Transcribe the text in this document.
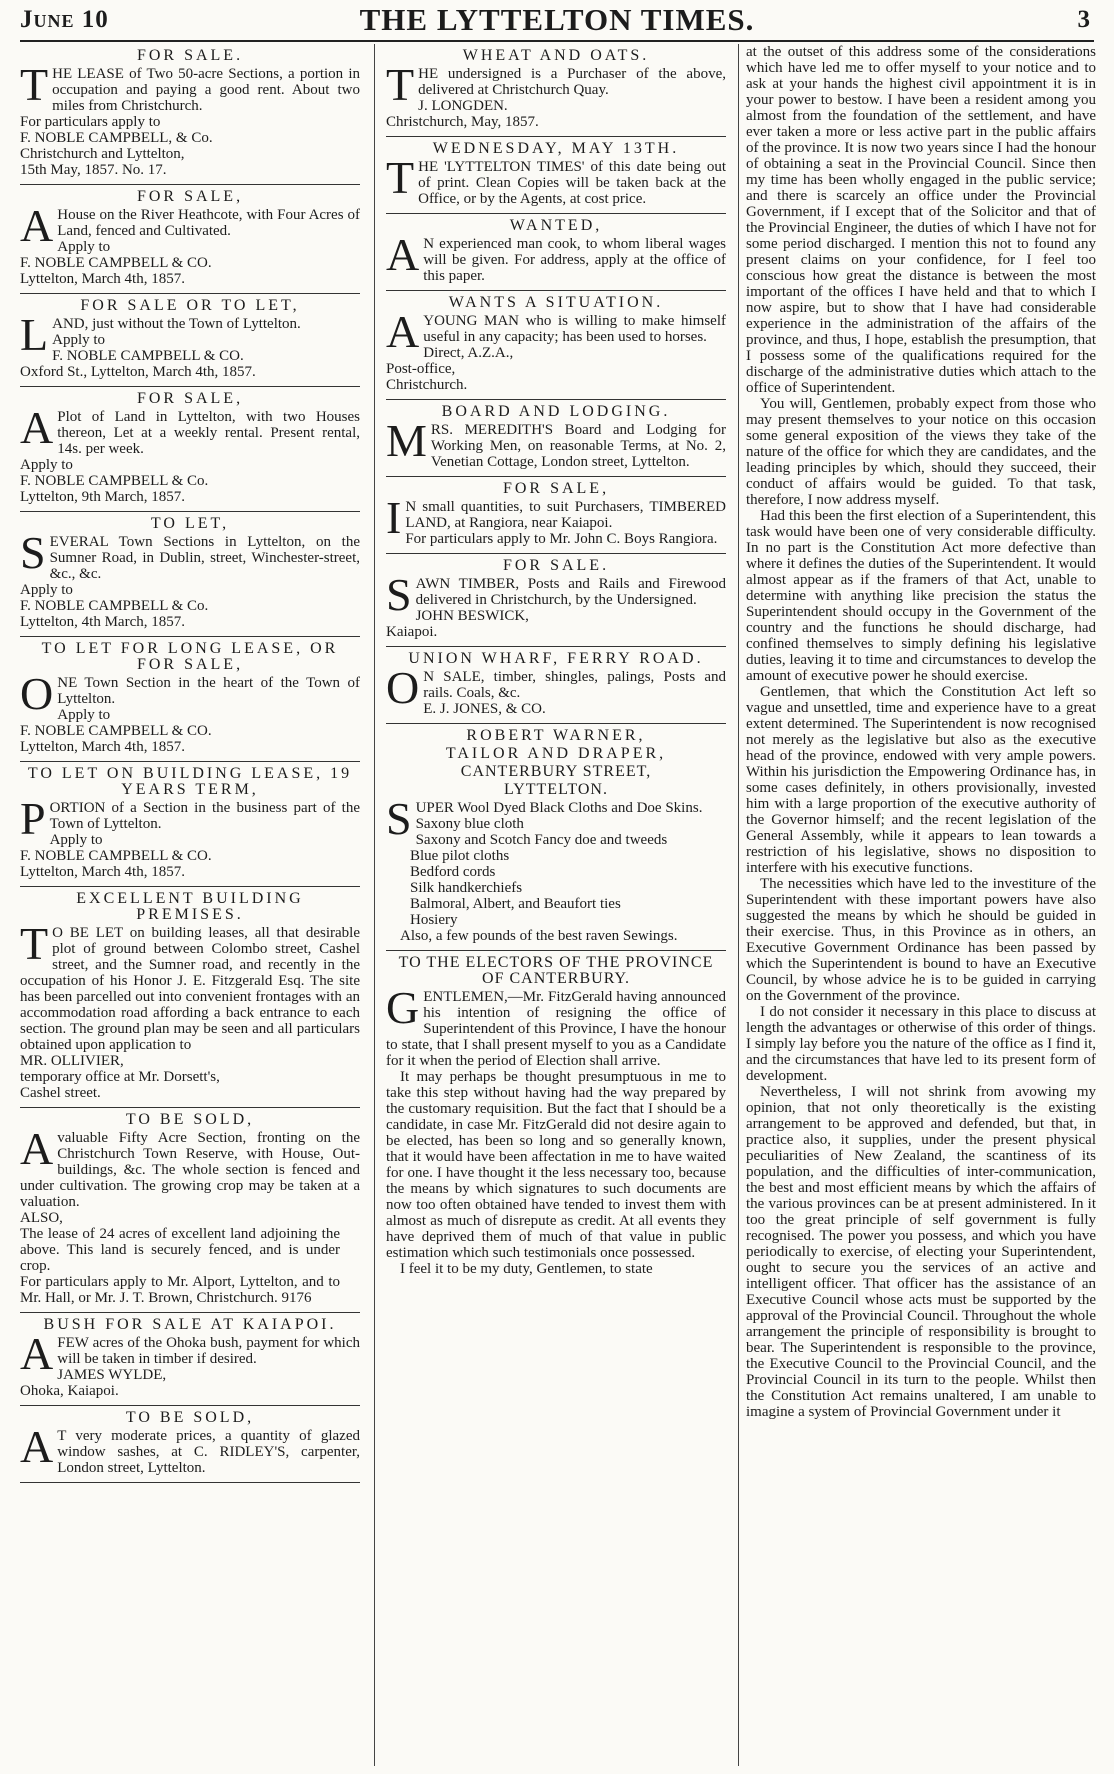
June 10	THE LYTTELTON TIMES.	3
FOR SALE.

THE LEASE of Two 50-acre Sections, a portion in occupation and paying a good rent. About two miles from Christchurch.

For particulars apply to

F. NOBLE CAMPBELL, & Co.

Christchurch and Lyttelton,

15th May, 1857. No. 17.

FOR SALE,

A House on the River Heathcote, with Four Acres of Land, fenced and Cultivated.

Apply to

F. NOBLE CAMPBELL & CO.

Lyttelton, March 4th, 1857.

FOR SALE OR TO LET,

LAND, just without the Town of Lyttelton.

Apply to

F. NOBLE CAMPBELL & CO.

Oxford St., Lyttelton, March 4th, 1857.

FOR SALE,

A Plot of Land in Lyttelton, with two Houses thereon, Let at a weekly rental. Present rental, 14s. per week.

Apply to

F. NOBLE CAMPBELL & Co.

Lyttelton, 9th March, 1857.

TO LET,

SEVERAL Town Sections in Lyttelton, on the Sumner Road, in Dublin, street, Winchester-street, &c., &c.

Apply to

F. NOBLE CAMPBELL & Co.

Lyttelton, 4th March, 1857.

TO LET FOR LONG LEASE, OR FOR SALE,

ONE Town Section in the heart of the Town of Lyttelton.

Apply to

F. NOBLE CAMPBELL & CO.

Lyttelton, March 4th, 1857.

TO LET ON BUILDING LEASE, 19 YEARS TERM,

PORTION of a Section in the business part of the Town of Lyttelton.

Apply to

F. NOBLE CAMPBELL & CO.

Lyttelton, March 4th, 1857.

EXCELLENT BUILDING PREMISES.

T O BE LET on building leases, all that desirable plot of ground between Colombo street, Cashel street, and the Sumner road, and recently in the occupation of his Honor J. E. Fitzgerald Esq. The site has been parcelled out into convenient frontages with an accommodation road affording a back entrance to each section. The ground plan may be seen and all particulars obtained upon application to

MR. OLLIVIER,

temporary office at Mr. Dorsett's,

Cashel street.

TO BE SOLD,

Avaluable Fifty Acre Section, fronting on the Christchurch Town Reserve, with House, Out-buildings, &c. The whole section is fenced and under cultivation. The growing crop may be taken at a valuation.

ALSO,

The lease of 24 acres of excellent land adjoining the above. This land is securely fenced, and is under crop.

For particulars apply to Mr. Alport, Lyttelton, and to Mr. Hall, or Mr. J. T. Brown, Christchurch. 9176

BUSH FOR SALE AT KAIAPOI.

AFEW acres of the Ohoka bush, payment for which will be taken in timber if desired.

JAMES WYLDE,

Ohoka, Kaiapoi.

TO BE SOLD,

A T very moderate prices, a quantity of glazed window sashes, at C. RIDLEY'S, carpenter, London street, Lyttelton.

WHEAT AND OATS.

THE undersigned is a Purchaser of the above, delivered at Christchurch Quay.

J. LONGDEN.

Christchurch, May, 1857.

WEDNESDAY, MAY 13TH.

THE 'LYTTELTON TIMES' of this date being out of print. Clean Copies will be taken back at the Office, or by the Agents, at cost price.

WANTED,

A N experienced man cook, to whom liberal wages will be given. For address, apply at the office of this paper.

WANTS A SITUATION.

AYOUNG MAN who is willing to make himself useful in any capacity; has been used to horses.

Direct, A.Z.A.,

Post-office,

Christchurch.

BOARD AND LODGING.

MRS. MEREDITH'S Board and Lodging for Working Men, on reasonable Terms, at No. 2, Venetian Cottage, London street, Lyttelton.

FOR SALE,

I N small quantities, to suit Purchasers, TIMBERED LAND, at Rangiora, near Kaiapoi.

For particulars apply to Mr. John C. Boys Rangiora.

FOR SALE.

SAWN TIMBER, Posts and Rails and Firewood delivered in Christchurch, by the Undersigned.

JOHN BESWICK,

Kaiapoi.

UNION WHARF, FERRY ROAD.

O N SALE, timber, shingles, palings, Posts and rails. Coals, &c.

E. J. JONES, & CO.

ROBERT WARNER,
TAILOR AND DRAPER,
CANTERBURY STREET,
LYTTELTON.

SUPER Wool Dyed Black Cloths and Doe Skins.

Saxony blue cloth
Saxony and Scotch Fancy doe and tweeds
Blue pilot cloths
Bedford cords
Silk handkerchiefs
Balmoral, Albert, and Beaufort ties
Hosiery

Also, a few pounds of the best raven Sewings.

TO THE ELECTORS OF THE PROVINCE OF CANTERBURY.

GENTLEMEN,—Mr. FitzGerald having announced his intention of resigning the office of Superintendent of this Province, I have the honour to state, that I shall present myself to you as a Candidate for it when the period of Election shall arrive.

It may perhaps be thought presumptuous in me to take this step without having had the way prepared by the customary requisition. But the fact that I should be a candidate, in case Mr. FitzGerald did not desire again to be elected, has been so long and so generally known, that it would have been affectation in me to have waited for one. I have thought it the less necessary too, because the means by which signatures to such documents are now too often obtained have tended to invest them with almost as much of disrepute as credit. At all events they have deprived them of much of that value in public estimation which such testimonials once possessed.

I feel it to be my duty, Gentlemen, to state

at the outset of this address some of the considerations which have led me to offer myself to your notice and to ask at your hands the highest civil appointment it is in your power to bestow. I have been a resident among you almost from the foundation of the settlement, and have ever taken a more or less active part in the public affairs of the province. It is now two years since I had the honour of obtaining a seat in the Provincial Council. Since then my time has been wholly engaged in the public service; and there is scarcely an office under the Provincial Government, if I except that of the Solicitor and that of the Provincial Engineer, the duties of which I have not for some period discharged. I mention this not to found any present claims on your confidence, for I feel too conscious how great the distance is between the most important of the offices I have held and that to which I now aspire, but to show that I have had considerable experience in the administration of the affairs of the province, and thus, I hope, establish the presumption, that I possess some of the qualifications required for the discharge of the administrative duties which attach to the office of Superintendent.

You will, Gentlemen, probably expect from those who may present themselves to your notice on this occasion some general exposition of the views they take of the nature of the office for which they are candidates, and the leading principles by which, should they succeed, their conduct of affairs would be guided. To that task, therefore, I now address myself.

Had this been the first election of a Superintendent, this task would have been one of very considerable difficulty. In no part is the Constitution Act more defective than where it defines the duties of the Superintendent. It would almost appear as if the framers of that Act, unable to determine with anything like precision the status the Superintendent should occupy in the Government of the country and the functions he should discharge, had confined themselves to simply defining his legislative duties, leaving it to time and circumstances to develop the amount of executive power he should exercise.

Gentlemen, that which the Constitution Act left so vague and unsettled, time and experience have to a great extent determined. The Superintendent is now recognised not merely as the legislative but also as the executive head of the province, endowed with very ample powers. Within his jurisdiction the Empowering Ordinance has, in some cases definitely, in others provisionally, invested him with a large proportion of the executive authority of the Governor himself; and the recent legislation of the General Assembly, while it appears to lean towards a restriction of his legislative, shows no disposition to interfere with his executive functions.

The necessities which have led to the investiture of the Superintendent with these important powers have also suggested the means by which he should be guided in their exercise. Thus, in this Province as in others, an Executive Government Ordinance has been passed by which the Superintendent is bound to have an Executive Council, by whose advice he is to be guided in carrying on the Government of the province.

I do not consider it necessary in this place to discuss at length the advantages or otherwise of this order of things. I simply lay before you the nature of the office as I find it, and the circumstances that have led to its present form of development.

Nevertheless, I will not shrink from avowing my opinion, that not only theoretically is the existing arrangement to be approved and defended, but that, in practice also, it supplies, under the present physical peculiarities of New Zealand, the scantiness of its population, and the difficulties of inter-communication, the best and most efficient means by which the affairs of the various provinces can be at present administered. In it too the great principle of self government is fully recognised. The power you possess, and which you have periodically to exercise, of electing your Superintendent, ought to secure you the services of an active and intelligent officer. That officer has the assistance of an Executive Council whose acts must be supported by the approval of the Provincial Council. Throughout the whole arrangement the principle of responsibility is brought to bear. The Superintendent is responsible to the province, the Executive Council to the Provincial Council, and the Provincial Council in its turn to the people. Whilst then the Constitution Act remains unaltered, I am unable to imagine a system of Provincial Government under it
